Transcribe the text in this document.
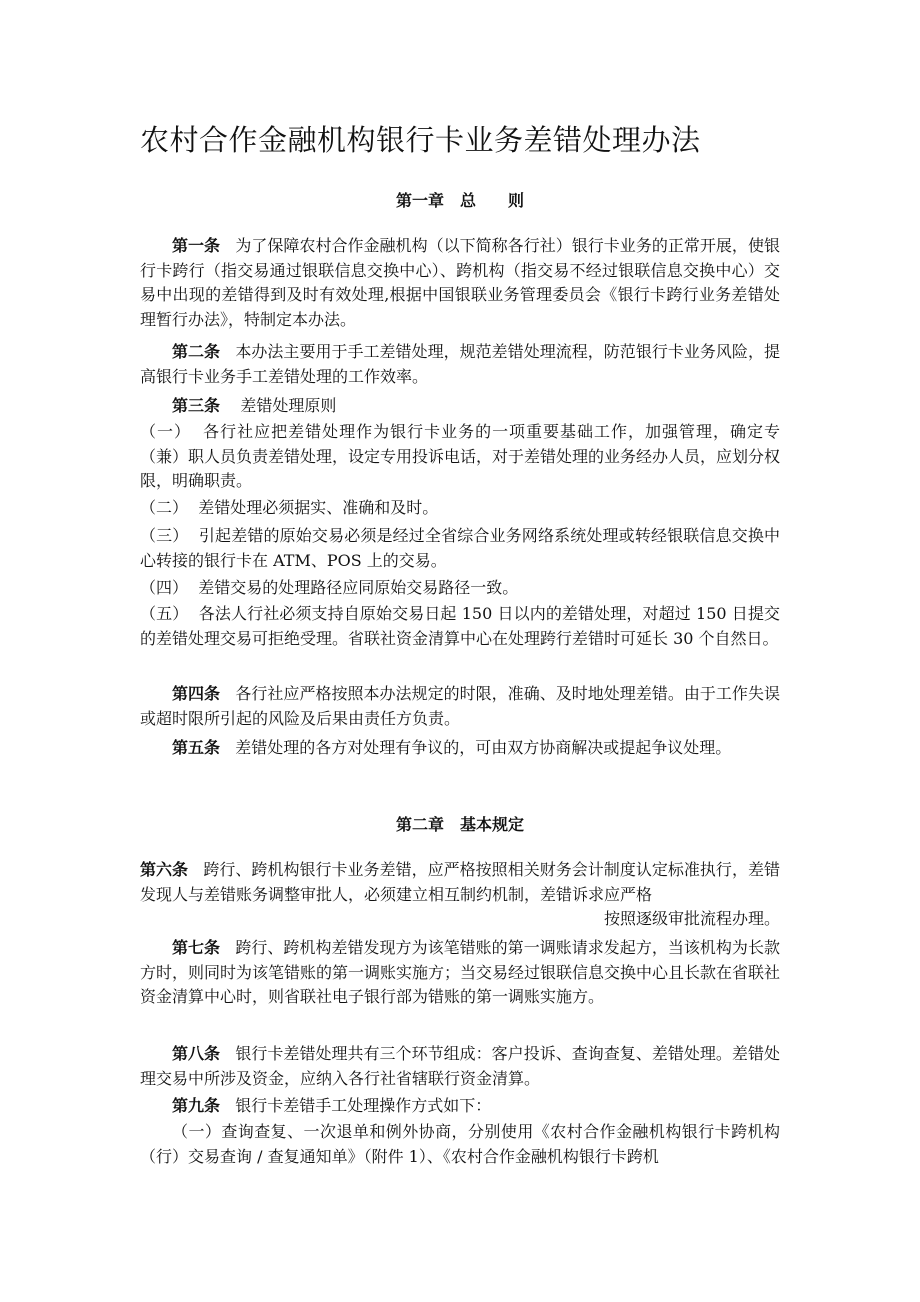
农村合作金融机构银行卡业务差错处理办法
第一章　总　　则

第一条 为了保障农村合作金融机构（以下简称各行社）银行卡业务的正常开展，使银行卡跨行（指交易通过银联信息交换中心）、跨机构（指交易不经过银联信息交换中心）交易中出现的差错得到及时有效处理,根据中国银联业务管理委员会《银行卡跨行业务差错处理暂行办法》，特制定本办法。

第二条 本办法主要用于手工差错处理，规范差错处理流程，防范银行卡业务风险，提高银行卡业务手工差错处理的工作效率。

第三条 差错处理原则

（一） 各行社应把差错处理作为银行卡业务的一项重要基础工作，加强管理，确定专（兼）职人员负责差错处理，设定专用投诉电话，对于差错处理的业务经办人员，应划分权限，明确职责。

（二） 差错处理必须据实、准确和及时。

（三） 引起差错的原始交易必须是经过全省综合业务网络系统处理或转经银联信息交换中心转接的银行卡在 ATM、POS 上的交易。

（四） 差错交易的处理路径应同原始交易路径一致。

（五） 各法人行社必须支持自原始交易日起 150 日以内的差错处理，对超过 150 日提交的差错处理交易可拒绝受理。省联社资金清算中心在处理跨行差错时可延长 30 个自然日。

第四条 各行社应严格按照本办法规定的时限，准确、及时地处理差错。由于工作失误或超时限所引起的风险及后果由责任方负责。

第五条 差错处理的各方对处理有争议的，可由双方协商解决或提起争议处理。

第二章　基本规定

第六条 跨行、跨机构银行卡业务差错，应严格按照相关财务会计制度认定标准执行，差错发现人与差错账务调整审批人，必须建立相互制约机制，差错诉求应严格
按照逐级审批流程办理。

第七条 跨行、跨机构差错发现方为该笔错账的第一调账请求发起方，当该机构为长款方时，则同时为该笔错账的第一调账实施方；当交易经过银联信息交换中心且长款在省联社资金清算中心时，则省联社电子银行部为错账的第一调账实施方。

第八条 银行卡差错处理共有三个环节组成：客户投诉、查询查复、差错处理。差错处理交易中所涉及资金，应纳入各行社省辖联行资金清算。

第九条 银行卡差错手工处理操作方式如下：

（一）查询查复、一次退单和例外协商，分别使用《农村合作金融机构银行卡跨机构（行）交易查询 / 查复通知单》（附件 1）、《农村合作金融机构银行卡跨机
